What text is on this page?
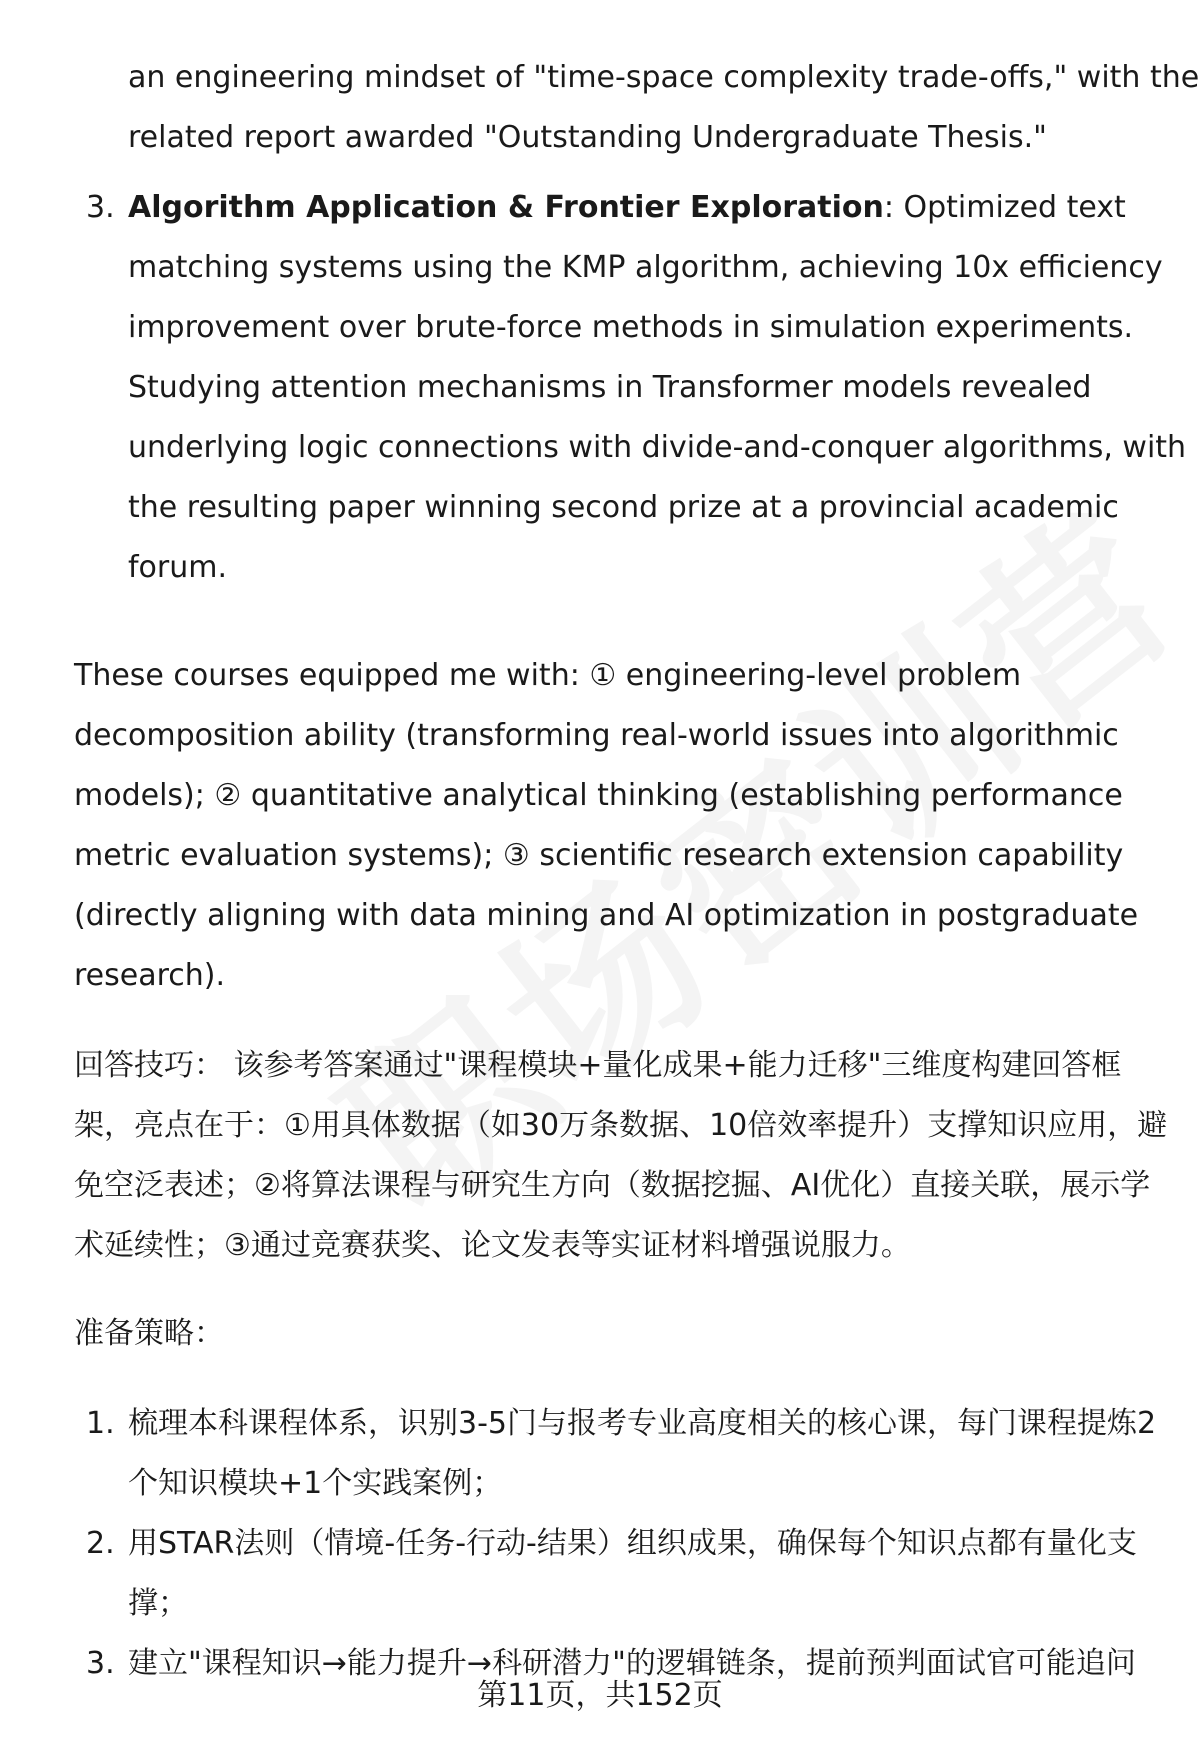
an engineering mindset of "time-space complexity trade-offs," with the
related report awarded "Outstanding Undergraduate Thesis."
3. Algorithm Application & Frontier Exploration: Optimized text
matching systems using the KMP algorithm, achieving 10x efficiency
improvement over brute-force methods in simulation experiments.
Studying attention mechanisms in Transformer models revealed
underlying logic connections with divide-and-conquer algorithms, with
the resulting paper winning second prize at a provincial academic
forum.
These courses equipped me with: ① engineering-level problem
decomposition ability (transforming real-world issues into algorithmic
models); ② quantitative analytical thinking (establishing performance
metric evaluation systems); ③ scientific research extension capability
(directly aligning with data mining and AI optimization in postgraduate
research).
回答技巧： 该参考答案通过"课程模块+量化成果+能力迁移"三维度构建回答框
架，亮点在于：①用具体数据（如30万条数据、10倍效率提升）支撑知识应用，避
免空泛表述；②将算法课程与研究生方向（数据挖掘、AI优化）直接关联，展示学
术延续性；③通过竞赛获奖、论文发表等实证材料增强说服力。
准备策略：
1. 梳理本科课程体系，识别3-5门与报考专业高度相关的核心课，每门课程提炼2
个知识模块+1个实践案例；
2. 用STAR法则（情境-任务-行动-结果）组织成果，确保每个知识点都有量化支
撑；
3. 建立"课程知识→能力提升→科研潜力"的逻辑链条，提前预判面试官可能追问
第11页，共152页
